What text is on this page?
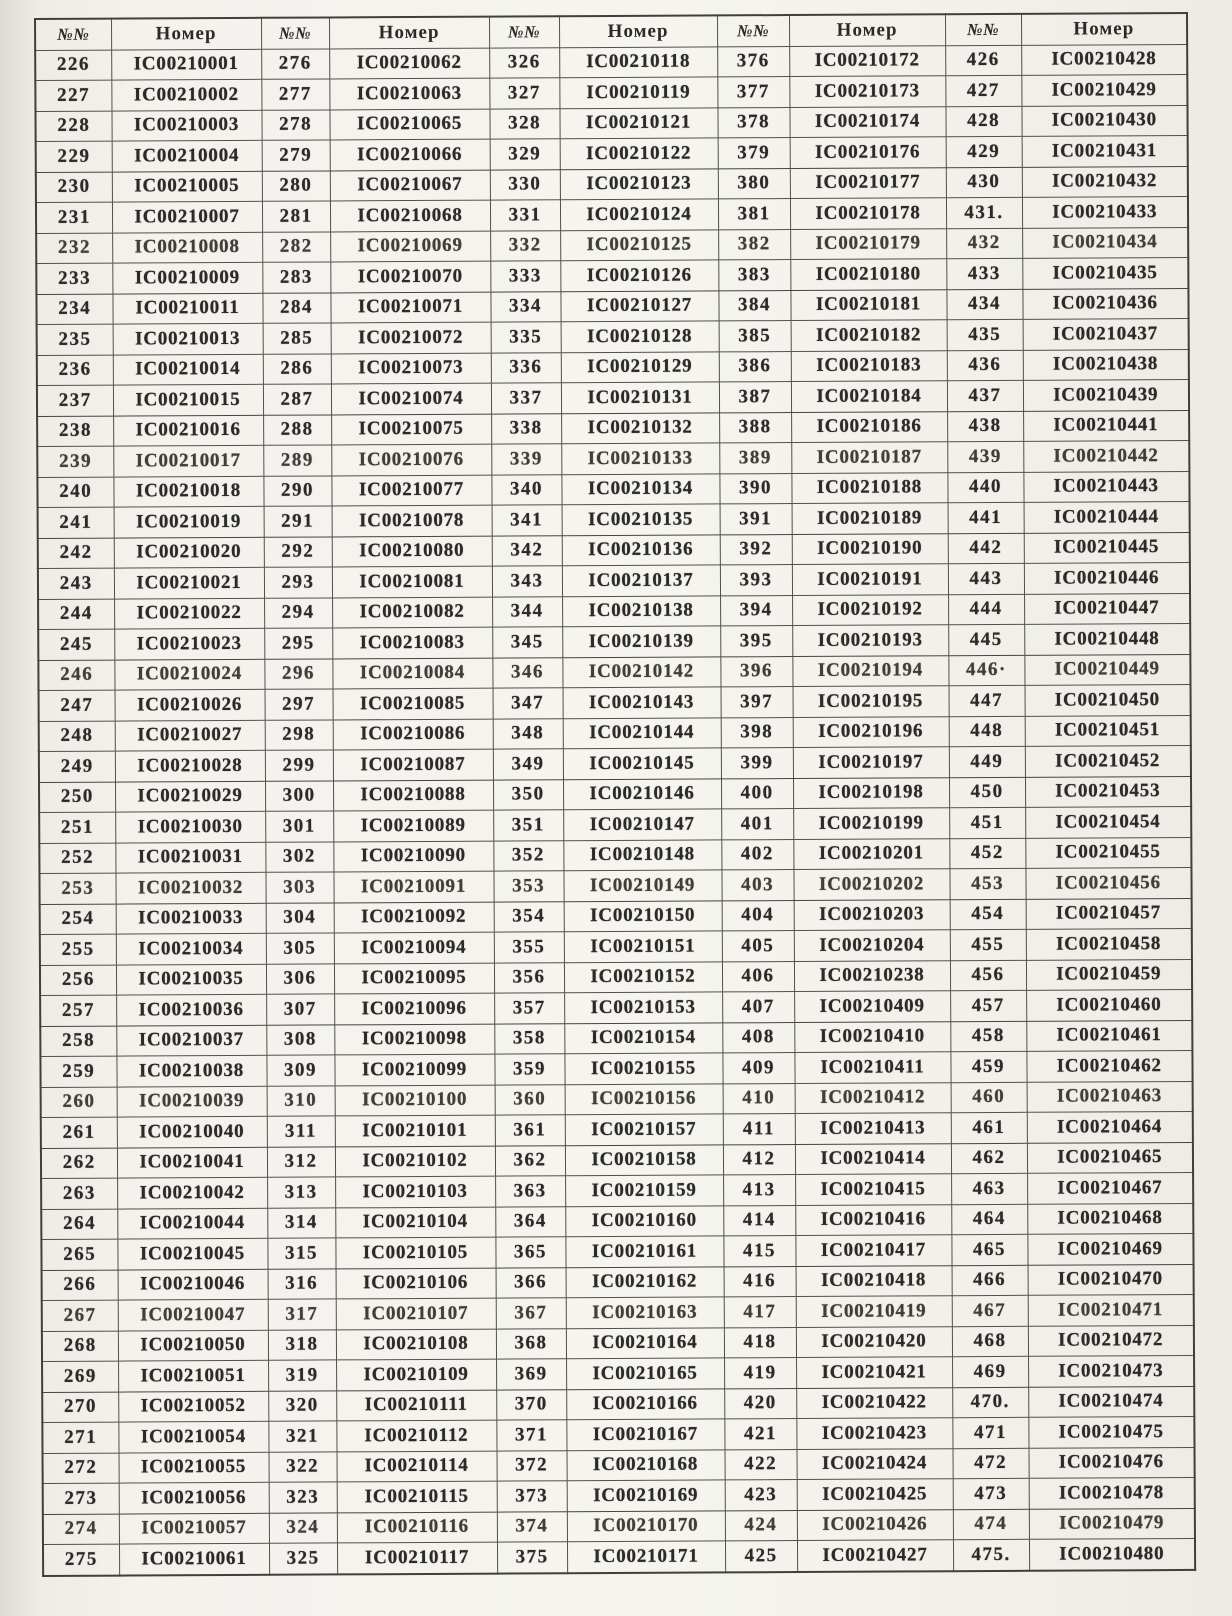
№№	Номер	№№	Номер	№№	Номер	№№	Номер	№№	Номер
226	IC00210001	276	IC00210062	326	IC00210118	376	IC00210172	426	IC00210428
227	IC00210002	277	IC00210063	327	IC00210119	377	IC00210173	427	IC00210429
228	IC00210003	278	IC00210065	328	IC00210121	378	IC00210174	428	IC00210430
229	IC00210004	279	IC00210066	329	IC00210122	379	IC00210176	429	IC00210431
230	IC00210005	280	IC00210067	330	IC00210123	380	IC00210177	430	IC00210432
231	IC00210007	281	IC00210068	331	IC00210124	381	IC00210178	431.	IC00210433
232	IC00210008	282	IC00210069	332	IC00210125	382	IC00210179	432	IC00210434
233	IC00210009	283	IC00210070	333	IC00210126	383	IC00210180	433	IC00210435
234	IC00210011	284	IC00210071	334	IC00210127	384	IC00210181	434	IC00210436
235	IC00210013	285	IC00210072	335	IC00210128	385	IC00210182	435	IC00210437
236	IC00210014	286	IC00210073	336	IC00210129	386	IC00210183	436	IC00210438
237	IC00210015	287	IC00210074	337	IC00210131	387	IC00210184	437	IC00210439
238	IC00210016	288	IC00210075	338	IC00210132	388	IC00210186	438	IC00210441
239	IC00210017	289	IC00210076	339	IC00210133	389	IC00210187	439	IC00210442
240	IC00210018	290	IC00210077	340	IC00210134	390	IC00210188	440	IC00210443
241	IC00210019	291	IC00210078	341	IC00210135	391	IC00210189	441	IC00210444
242	IC00210020	292	IC00210080	342	IC00210136	392	IC00210190	442	IC00210445
243	IC00210021	293	IC00210081	343	IC00210137	393	IC00210191	443	IC00210446
244	IC00210022	294	IC00210082	344	IC00210138	394	IC00210192	444	IC00210447
245	IC00210023	295	IC00210083	345	IC00210139	395	IC00210193	445	IC00210448
246	IC00210024	296	IC00210084	346	IC00210142	396	IC00210194	446·	IC00210449
247	IC00210026	297	IC00210085	347	IC00210143	397	IC00210195	447	IC00210450
248	IC00210027	298	IC00210086	348	IC00210144	398	IC00210196	448	IC00210451
249	IC00210028	299	IC00210087	349	IC00210145	399	IC00210197	449	IC00210452
250	IC00210029	300	IC00210088	350	IC00210146	400	IC00210198	450	IC00210453
251	IC00210030	301	IC00210089	351	IC00210147	401	IC00210199	451	IC00210454
252	IC00210031	302	IC00210090	352	IC00210148	402	IC00210201	452	IC00210455
253	IC00210032	303	IC00210091	353	IC00210149	403	IC00210202	453	IC00210456
254	IC00210033	304	IC00210092	354	IC00210150	404	IC00210203	454	IC00210457
255	IC00210034	305	IC00210094	355	IC00210151	405	IC00210204	455	IC00210458
256	IC00210035	306	IC00210095	356	IC00210152	406	IC00210238	456	IC00210459
257	IC00210036	307	IC00210096	357	IC00210153	407	IC00210409	457	IC00210460
258	IC00210037	308	IC00210098	358	IC00210154	408	IC00210410	458	IC00210461
259	IC00210038	309	IC00210099	359	IC00210155	409	IC00210411	459	IC00210462
260	IC00210039	310	IC00210100	360	IC00210156	410	IC00210412	460	IC00210463
261	IC00210040	311	IC00210101	361	IC00210157	411	IC00210413	461	IC00210464
262	IC00210041	312	IC00210102	362	IC00210158	412	IC00210414	462	IC00210465
263	IC00210042	313	IC00210103	363	IC00210159	413	IC00210415	463	IC00210467
264	IC00210044	314	IC00210104	364	IC00210160	414	IC00210416	464	IC00210468
265	IC00210045	315	IC00210105	365	IC00210161	415	IC00210417	465	IC00210469
266	IC00210046	316	IC00210106	366	IC00210162	416	IC00210418	466	IC00210470
267	IC00210047	317	IC00210107	367	IC00210163	417	IC00210419	467	IC00210471
268	IC00210050	318	IC00210108	368	IC00210164	418	IC00210420	468	IC00210472
269	IC00210051	319	IC00210109	369	IC00210165	419	IC00210421	469	IC00210473
270	IC00210052	320	IC00210111	370	IC00210166	420	IC00210422	470.	IC00210474
271	IC00210054	321	IC00210112	371	IC00210167	421	IC00210423	471	IC00210475
272	IC00210055	322	IC00210114	372	IC00210168	422	IC00210424	472	IC00210476
273	IC00210056	323	IC00210115	373	IC00210169	423	IC00210425	473	IC00210478
274	IC00210057	324	IC00210116	374	IC00210170	424	IC00210426	474	IC00210479
275	IC00210061	325	IC00210117	375	IC00210171	425	IC00210427	475.	IC00210480
